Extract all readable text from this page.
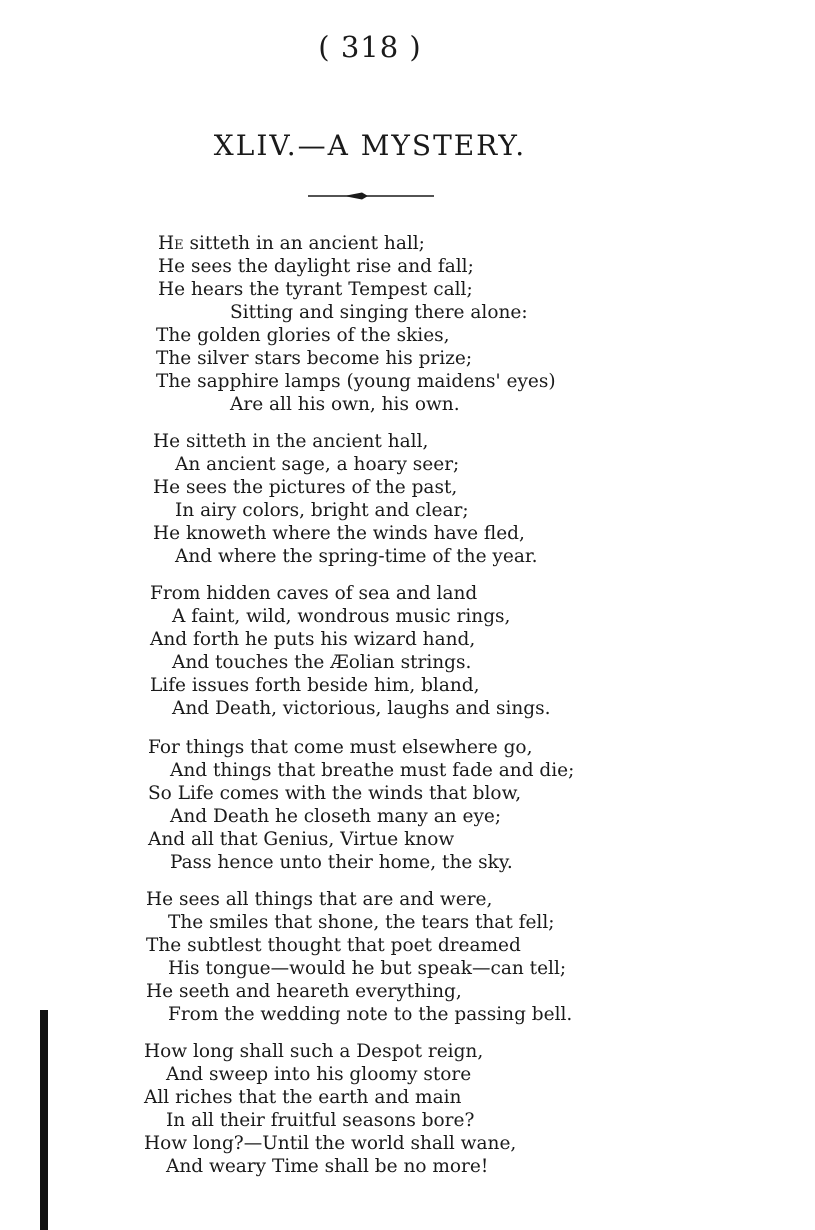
( 318 )
XLIV.—A MYSTERY.
He sitteth in an ancient hall;
He sees the daylight rise and fall;
He hears the tyrant Tempest call;
Sitting and singing there alone:
The golden glories of the skies,
The silver stars become his prize;
The sapphire lamps (young maidens' eyes)
Are all his own, his own.
He sitteth in the ancient hall,
An ancient sage, a hoary seer;
He sees the pictures of the past,
In airy colors, bright and clear;
He knoweth where the winds have fled,
And where the spring-time of the year.
From hidden caves of sea and land
A faint, wild, wondrous music rings,
And forth he puts his wizard hand,
And touches the Æolian strings.
Life issues forth beside him, bland,
And Death, victorious, laughs and sings.
For things that come must elsewhere go,
And things that breathe must fade and die;
So Life comes with the winds that blow,
And Death he closeth many an eye;
And all that Genius, Virtue know
Pass hence unto their home, the sky.
He sees all things that are and were,
The smiles that shone, the tears that fell;
The subtlest thought that poet dreamed
His tongue—would he but speak—can tell;
He seeth and heareth everything,
From the wedding note to the passing bell.
How long shall such a Despot reign,
And sweep into his gloomy store
All riches that the earth and main
In all their fruitful seasons bore?
How long?—Until the world shall wane,
And weary Time shall be no more!
